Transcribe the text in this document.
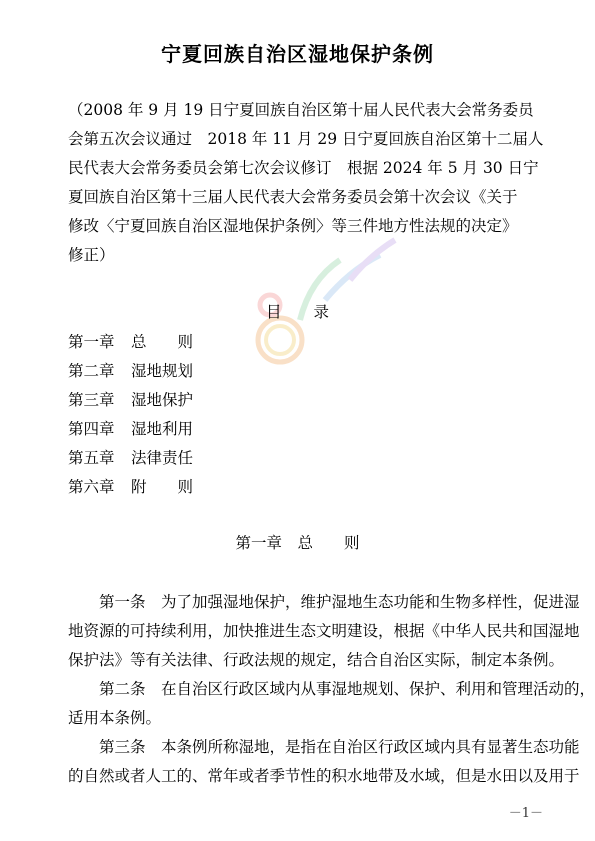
宁夏回族自治区湿地保护条例
（2008 年 9 月 19 日宁夏回族自治区第十届人民代表大会常务委员
会第五次会议通过　2018 年 11 月 29 日宁夏回族自治区第十二届人
民代表大会常务委员会第七次会议修订　根据 2024 年 5 月 30 日宁
夏回族自治区第十三届人民代表大会常务委员会第十次会议《关于
修改〈宁夏回族自治区湿地保护条例〉等三件地方性法规的决定》
修正）
目 录
第一章 总　　则
第二章 湿地规划
第三章 湿地保护
第四章 湿地利用
第五章 法律责任
第六章 附　　则
第一章　总　　则
　　第一条　为了加强湿地保护，维护湿地生态功能和生物多样性，促进湿
地资源的可持续利用，加快推进生态文明建设，根据《中华人民共和国湿地
保护法》等有关法律、行政法规的规定，结合自治区实际，制定本条例。
　　第二条　在自治区行政区域内从事湿地规划、保护、利用和管理活动的，
适用本条例。
　　第三条　本条例所称湿地，是指在自治区行政区域内具有显著生态功能
的自然或者人工的、常年或者季节性的积水地带及水域，但是水田以及用于
－1－
